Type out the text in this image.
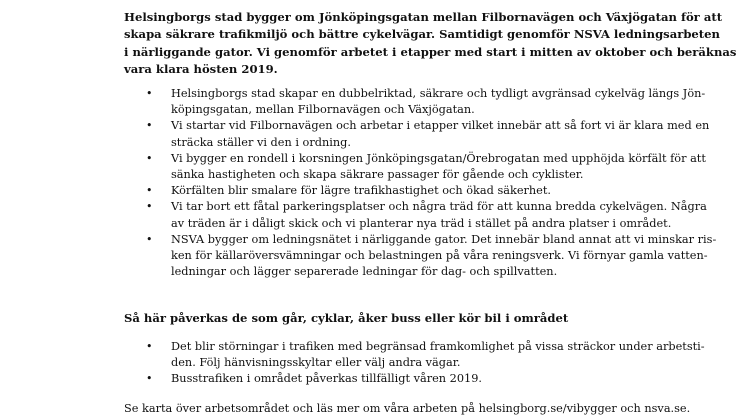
Helsingborgs stad bygger om Jönköpingsgatan mellan Filbornavägen och Växjögatan för att
skapa säkrare trafikmiljö och bättre cykelvägar. Samtidigt genomför NSVA ledningsarbeten
i närliggande gator. Vi genomför arbetet i etapper med start i mitten av oktober och beräknas
vara klara hösten 2019.

• Helsingborgs stad skapar en dubbelriktad, säkrare och tydligt avgränsad cykelväg längs Jön-
köpingsgatan, mellan Filbornavägen och Växjögatan.
• Vi startar vid Filbornavägen och arbetar i etapper vilket innebär att så fort vi är klara med en
sträcka ställer vi den i ordning.
• Vi bygger en rondell i korsningen Jönköpingsgatan/Örebrogatan med upphöjda körfält för att
sänka hastigheten och skapa säkrare passager för gående och cyklister.
• Körfälten blir smalare för lägre trafikhastighet och ökad säkerhet.
• Vi tar bort ett fåtal parkeringsplatser och några träd för att kunna bredda cykelvägen. Några
av träden är i dåligt skick och vi planterar nya träd i stället på andra platser i området.
• NSVA bygger om ledningsnätet i närliggande gator. Det innebär bland annat att vi minskar ris-
ken för källaröversvämningar och belastningen på våra reningsverk. Vi förnyar gamla vatten-
ledningar och lägger separerade ledningar för dag- och spillvatten.

Så här påverkas de som går, cyklar, åker buss eller kör bil i området

• Det blir störningar i trafiken med begränsad framkomlighet på vissa sträckor under arbetsti-
den. Följ hänvisningsskyltar eller välj andra vägar.
• Busstrafiken i området påverkas tillfälligt våren 2019.

Se karta över arbetsområdet och läs mer om våra arbeten på helsingborg.se/vibygger och nsva.se.
